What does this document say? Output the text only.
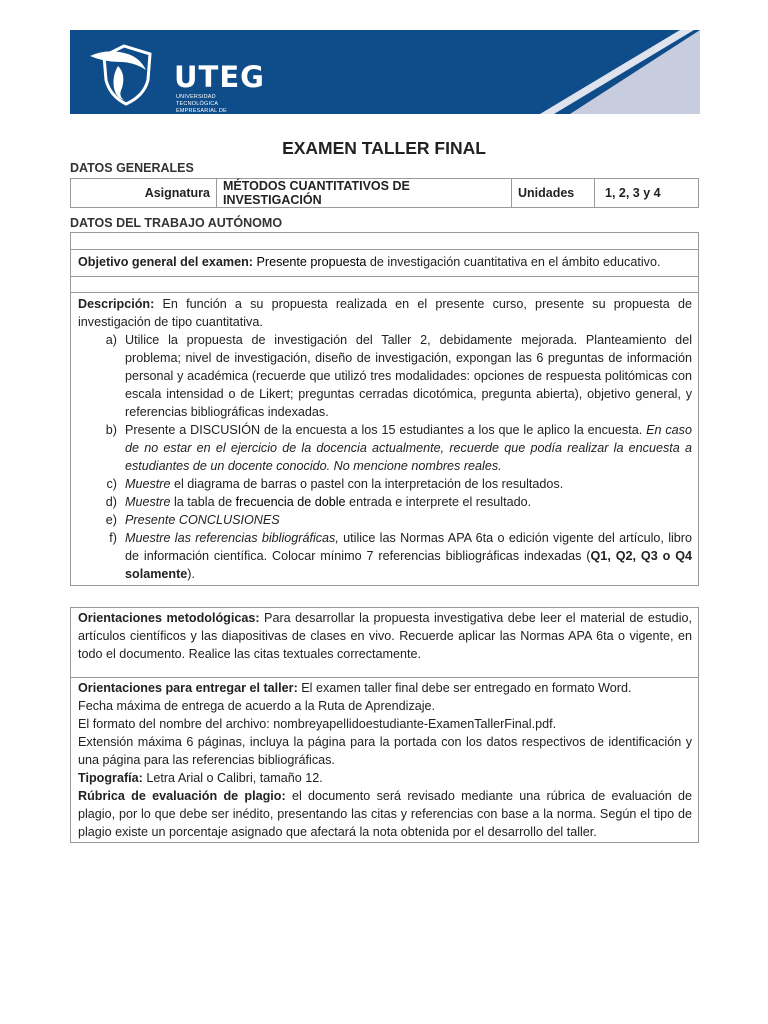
UTEG
UNIVERSIDAD TECNOLÓGICA
EMPRESARIAL DE GUAYAQUIL
EXAMEN TALLER FINAL
DATOS GENERALES
Asignatura	MÉTODOS CUANTITATIVOS DE INVESTIGACIÓN	Unidades	1, 2, 3 y 4
DATOS DEL TRABAJO AUTÓNOMO
Objetivo general del examen: Presente propuesta de investigación cuantitativa en el ámbito educativo.
Descripción: En función a su propuesta realizada en el presente curso, presente su propuesta de investigación de tipo cuantitativa.
a) Utilice la propuesta de investigación del Taller 2, debidamente mejorada. Planteamiento del problema; nivel de investigación, diseño de investigación, expongan las 6 preguntas de información personal y académica (recuerde que utilizó tres modalidades: opciones de respuesta politómicas con escala intensidad o de Likert; preguntas cerradas dicotómica, pregunta abierta), objetivo general, y referencias bibliográficas indexadas.
b) Presente a DISCUSIÓN de la encuesta a los 15 estudiantes a los que le aplico la encuesta. En caso de no estar en el ejercicio de la docencia actualmente, recuerde que podía realizar la encuesta a estudiantes de un docente conocido. No mencione nombres reales.
c) Muestre el diagrama de barras o pastel con la interpretación de los resultados.
d) Muestre la tabla de frecuencia de doble entrada e interprete el resultado.
e) Presente CONCLUSIONES
f) Muestre las referencias bibliográficas, utilice las Normas APA 6ta o edición vigente del artículo, libro de información científica. Colocar mínimo 7 referencias bibliográficas indexadas (Q1, Q2, Q3 o Q4 solamente).
Orientaciones metodológicas: Para desarrollar la propuesta investigativa debe leer el material de estudio, artículos científicos y las diapositivas de clases en vivo. Recuerde aplicar las Normas APA 6ta o vigente, en todo el documento. Realice las citas textuales correctamente.
Orientaciones para entregar el taller: El examen taller final debe ser entregado en formato Word.
Fecha máxima de entrega de acuerdo a la Ruta de Aprendizaje.
El formato del nombre del archivo: nombreyapellidoestudiante-ExamenTallerFinal.pdf.
Extensión máxima 6 páginas, incluya la página para la portada con los datos respectivos de identificación y una página para las referencias bibliográficas.
Tipografía: Letra Arial o Calibri, tamaño 12.
Rúbrica de evaluación de plagio: el documento será revisado mediante una rúbrica de evaluación de plagio, por lo que debe ser inédito, presentando las citas y referencias con base a la norma. Según el tipo de plagio existe un porcentaje asignado que afectará la nota obtenida por el desarrollo del taller.
